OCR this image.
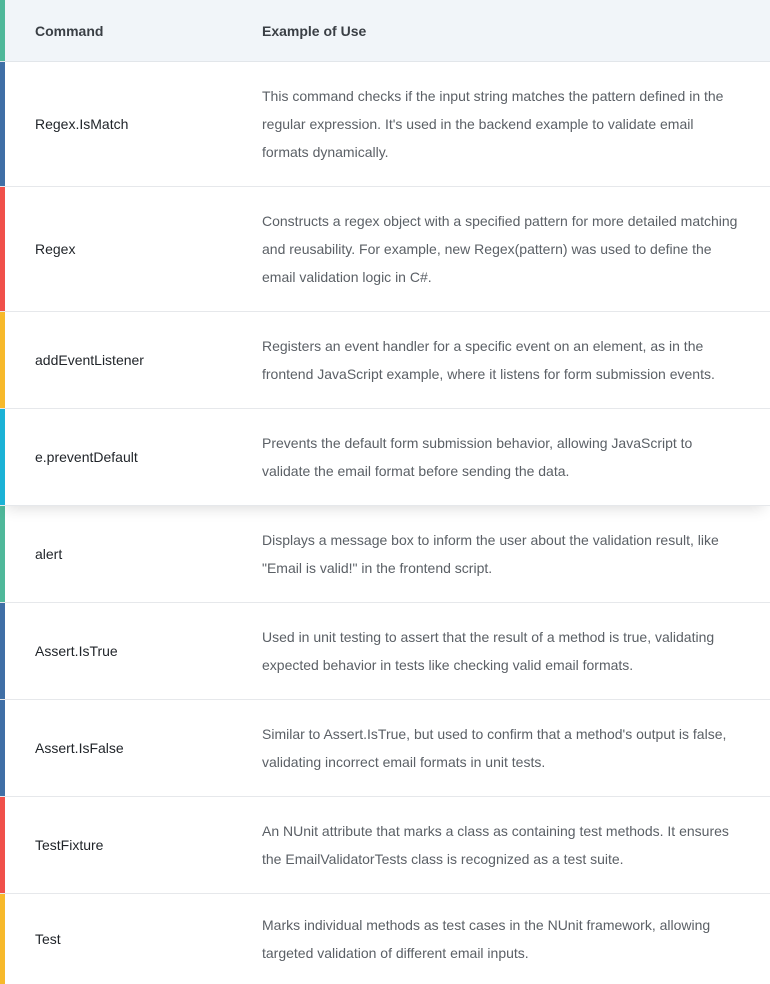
Command	Example of Use
Regex.IsMatch
This command checks if the input string matches the pattern defined in the regular expression. It's used in the backend example to validate email formats dynamically.
Regex
Constructs a regex object with a specified pattern for more detailed matching and reusability. For example, new Regex(pattern) was used to define the email validation logic in C#.
addEventListener
Registers an event handler for a specific event on an element, as in the frontend JavaScript example, where it listens for form submission events.
e.preventDefault
Prevents the default form submission behavior, allowing JavaScript to validate the email format before sending the data.
alert
Displays a message box to inform the user about the validation result, like "Email is valid!" in the frontend script.
Assert.IsTrue
Used in unit testing to assert that the result of a method is true, validating expected behavior in tests like checking valid email formats.
Assert.IsFalse
Similar to Assert.IsTrue, but used to confirm that a method's output is false, validating incorrect email formats in unit tests.
TestFixture
An NUnit attribute that marks a class as containing test methods. It ensures the EmailValidatorTests class is recognized as a test suite.
Test
Marks individual methods as test cases in the NUnit framework, allowing targeted validation of different email inputs.
